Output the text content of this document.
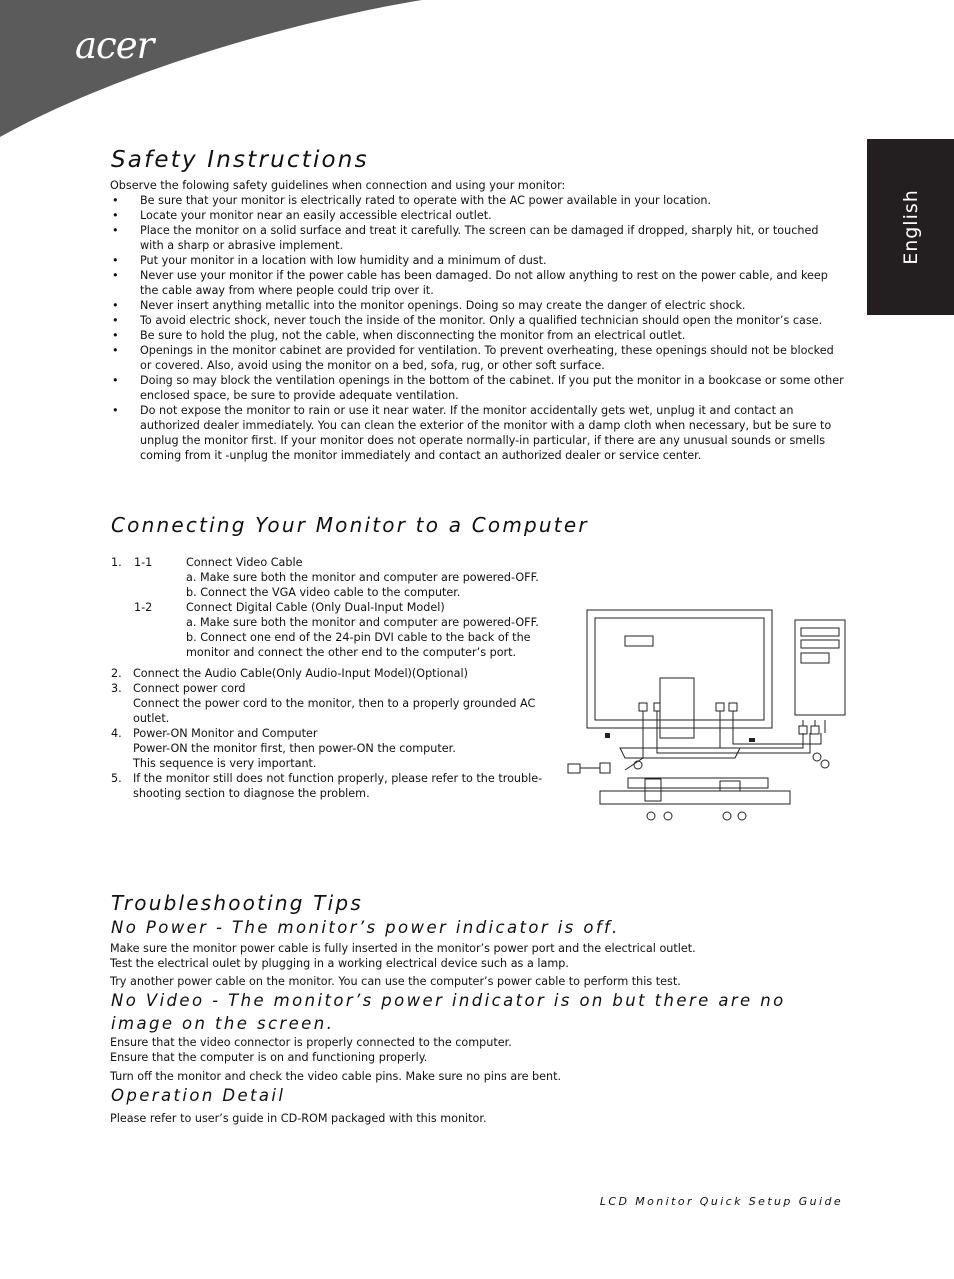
acer
English
Safety Instructions
Observe the folowing safety guidelines when connection and using your monitor:
• Be sure that your monitor is electrically rated to operate with the AC power available in your location.
• Locate your monitor near an easily accessible electrical outlet.
• Place the monitor on a solid surface and treat it carefully. The screen can be damaged if dropped, sharply hit, or touched with a sharp or abrasive implement.
• Put your monitor in a location with low humidity and a minimum of dust.
• Never use your monitor if the power cable has been damaged. Do not allow anything to rest on the power cable, and keep the cable away from where people could trip over it.
• Never insert anything metallic into the monitor openings. Doing so may create the danger of electric shock.
• To avoid electric shock, never touch the inside of the monitor. Only a qualified technician should open the monitor’s case.
• Be sure to hold the plug, not the cable, when disconnecting the monitor from an electrical outlet.
• Openings in the monitor cabinet are provided for ventilation. To prevent overheating, these openings should not be blocked or covered. Also, avoid using the monitor on a bed, sofa, rug, or other soft surface.
• Doing so may block the ventilation openings in the bottom of the cabinet. If you put the monitor in a bookcase or some other enclosed space, be sure to provide adequate ventilation.
• Do not expose the monitor to rain or use it near water. If the monitor accidentally gets wet, unplug it and contact an authorized dealer immediately. You can clean the exterior of the monitor with a damp cloth when necessary, but be sure to unplug the monitor first. If your monitor does not operate normally-in particular, if there are any unusual sounds or smells coming from it -unplug the monitor immediately and contact an authorized dealer or service center.
Connecting Your Monitor to a Computer
1. 1-1	Connect Video Cable
a. Make sure both the monitor and computer are powered-OFF.
b. Connect the VGA video cable to the computer.
1-2	Connect Digital Cable (Only Dual-Input Model)
a. Make sure both the monitor and computer are powered-OFF.
b. Connect one end of the 24-pin DVI cable to the back of the
monitor and connect the other end to the computer’s port.
2. Connect the Audio Cable(Only Audio-Input Model)(Optional)
3. Connect power cord
Connect the power cord to the monitor, then to a properly grounded AC
outlet.
4. Power-ON Monitor and Computer
Power-ON the monitor first, then power-ON the computer.
This sequence is very important.
5. If the monitor still does not function properly, please refer to the trouble-
shooting section to diagnose the problem.
Troubleshooting Tips
No Power - The monitor’s power indicator is off.
Make sure the monitor power cable is fully inserted in the monitor’s power port and the electrical outlet.
Test the electrical oulet by plugging in a working electrical device such as a lamp.
Try another power cable on the monitor. You can use the computer’s power cable to perform this test.
No Video - The monitor’s power indicator is on but there are no
image on the screen.
Ensure that the video connector is properly connected to the computer.
Ensure that the computer is on and functioning properly.
Turn off the monitor and check the video cable pins. Make sure no pins are bent.
Operation Detail
Please refer to user’s guide in CD-ROM packaged with this monitor.
LCD Monitor Quick Setup Guide
